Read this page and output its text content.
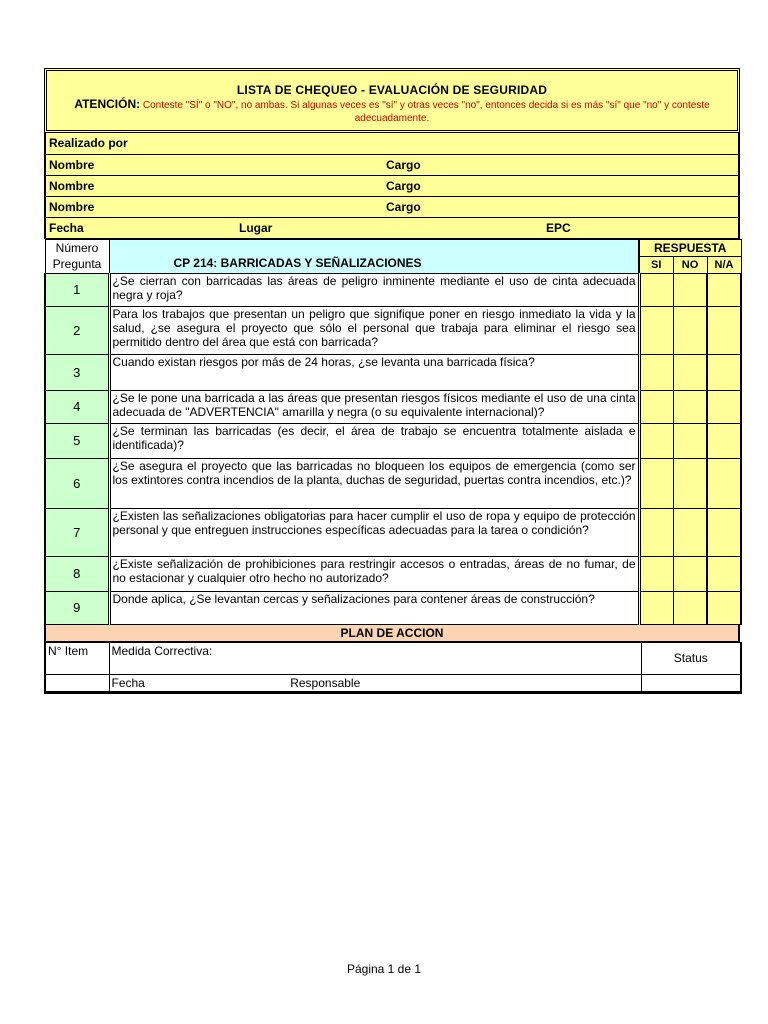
LISTA DE CHEQUEO - EVALUACIÓN DE SEGURIDAD
ATENCIÓN: Conteste "SÍ" o "NO", no ambas. Si algunas veces es "sí" y otras veces "no", entonces decida si es más "sí" que "no" y conteste adecuadamente.
Realizado por

Nombre	Cargo

Nombre	Cargo

Nombre	Cargo

Fecha	Lugar	EPC
Número Pregunta	CP 214: BARRICADAS Y SEÑALIZACIONES	RESPUESTA		
		SI	NO	N/A
1	¿Se cierran con barricadas las áreas de peligro inminente mediante el uso de cinta adecuada negra y roja?			
2	Para los trabajos que presentan un peligro que signifique poner en riesgo inmediato la vida y la salud, ¿se asegura el proyecto que sólo el personal que trabaja para eliminar el riesgo sea permitido dentro del área que está con barricada?			
3	Cuando existan riesgos por más de 24 horas, ¿se levanta una barricada física?			
4	¿Se le pone una barricada a las áreas que presentan riesgos físicos mediante el uso de una cinta adecuada de "ADVERTENCIA" amarilla y negra (o su equivalente internacional)?			
5	¿Se terminan las barricadas (es decir, el área de trabajo se encuentra totalmente aislada e identificada)?			
6	¿Se asegura el proyecto que las barricadas no bloqueen los equipos de emergencia (como ser los extintores contra incendios de la planta, duchas de seguridad, puertas contra incendios, etc.)?			
7	¿Existen las señalizaciones obligatorias para hacer cumplir el uso de ropa y equipo de protección personal y que entreguen instrucciones específicas adecuadas para la tarea o condición?			
8	¿Existe señalización de prohibiciones para restringir accesos o entradas, áreas de no fumar, de no estacionar y cualquier otro hecho no autorizado?			
9	Donde aplica, ¿Se levantan cercas y señalizaciones para contener áreas de construcción?			
PLAN DE ACCION
N° Item	Medida Correctiva:	Status
	Fecha Responsable	
Página 1 de 1
